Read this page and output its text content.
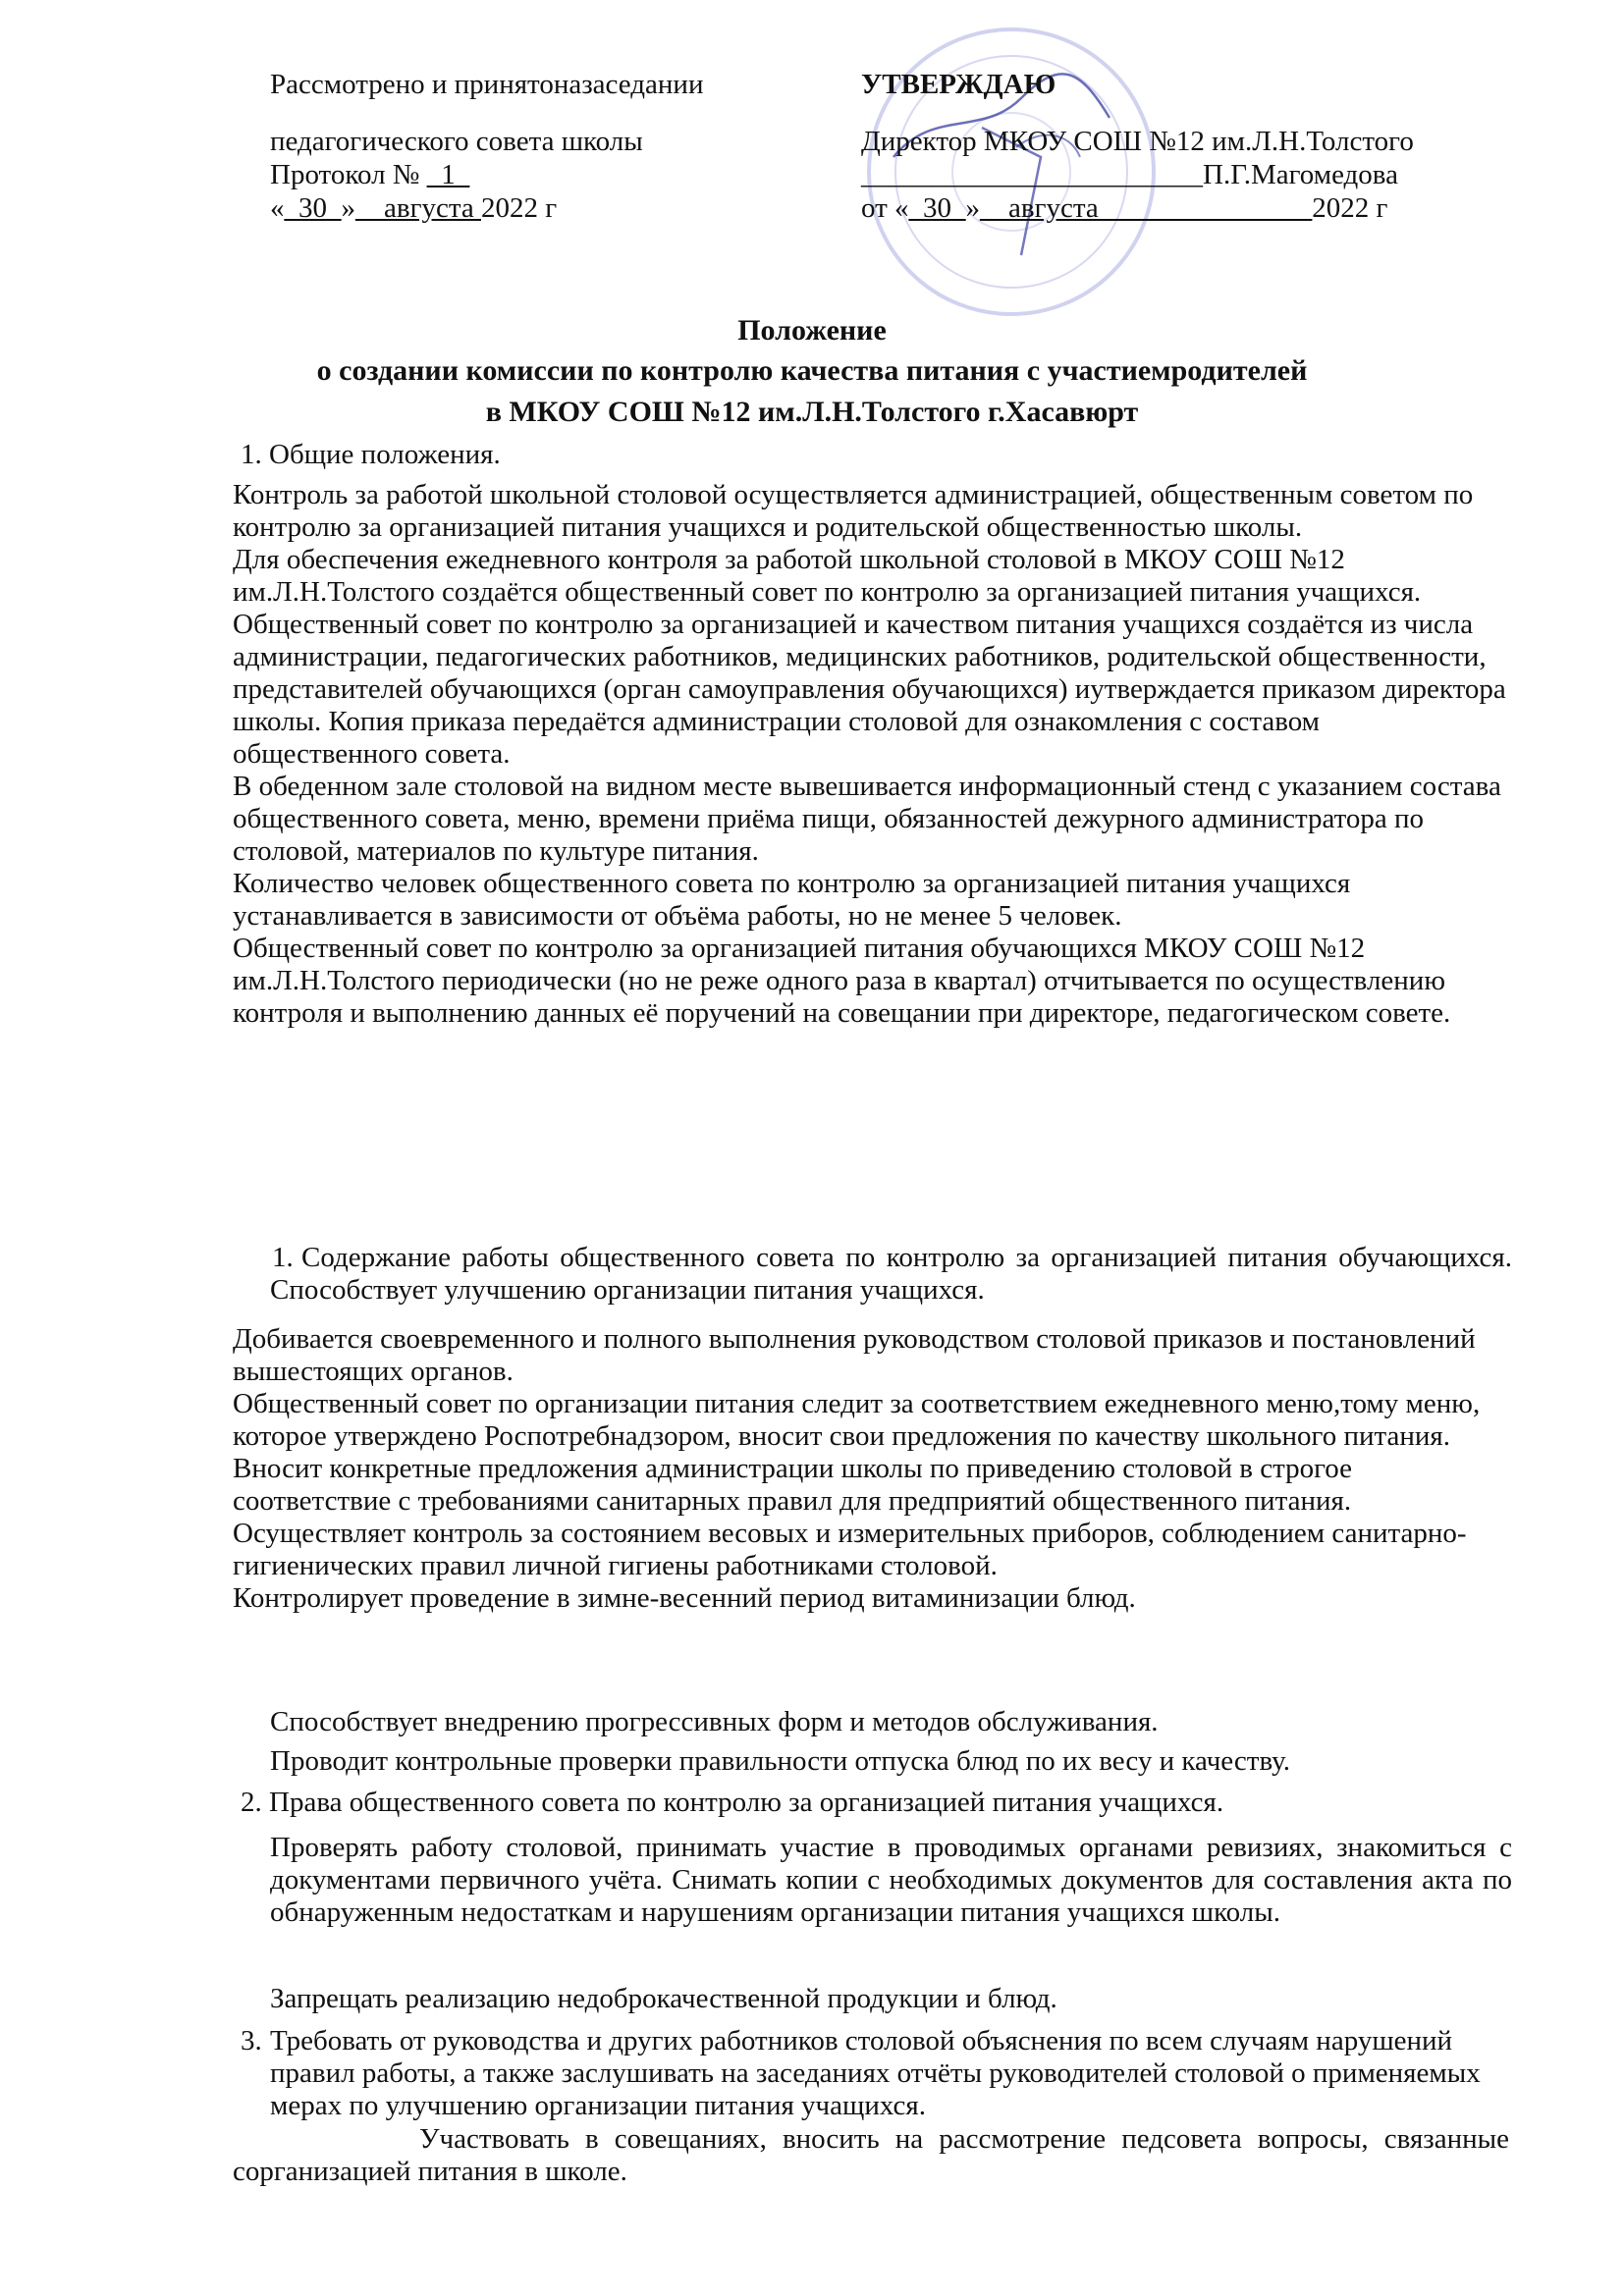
Рассмотрено и принятоназаседании
педагогического совета школы
Протокол № _1_
«_30_»__августа 2022 г
УТВЕРЖДАЮ
Директор МКОУ СОШ №12 им.Л.Н.Толстого
________________________П.Г.Магомедова
от «_30_»__августа_______________2022 г
Положение
о создании комиссии по контролю качества питания с участиемродителей
в МКОУ СОШ №12 им.Л.Н.Толстого г.Хасавюрт
1. Общие положения.

Контроль за работой школьной столовой осуществляется администрацией, общественным советом по контролю за организацией питания учащихся и родительской общественностью школы.

Для обеспечения ежедневного контроля за работой школьной столовой в МКОУ СОШ №12 им.Л.Н.Толстого создаётся общественный совет по контролю за организацией питания учащихся.

Общественный совет по контролю за организацией и качеством питания учащихся создаётся из числа администрации, педагогических работников, медицинских работников, родительской общественности, представителей обучающихся (орган самоуправления обучающихся) иутверждается приказом директора школы. Копия приказа передаётся администрации столовой для ознакомления с составом общественного совета.

В обеденном зале столовой на видном месте вывешивается информационный стенд с указанием состава общественного совета, меню, времени приёма пищи, обязанностей дежурного администратора по столовой, материалов по культуре питания.

Количество человек общественного совета по контролю за организацией питания учащихся устанавливается в зависимости от объёма работы, но не менее 5 человек.

Общественный совет по контролю за организацией питания обучающихся МКОУ СОШ №12 им.Л.Н.Толстого периодически (но не реже одного раза в квартал) отчитывается по осуществлению контроля и выполнению данных её поручений на совещании при директоре, педагогическом совете.

1. Содержание работы общественного совета по контролю за организацией питания обучающихся. Способствует улучшению организации питания учащихся.

Добивается своевременного и полного выполнения руководством столовой приказов и постановлений вышестоящих органов.

Общественный совет по организации питания следит за соответствием ежедневного меню,тому меню, которое утверждено Роспотребнадзором, вносит свои предложения по качеству школьного питания.

Вносит конкретные предложения администрации школы по приведению столовой в строгое соответствие с требованиями санитарных правил для предприятий общественного питания. Осуществляет контроль за состоянием весовых и измерительных приборов, соблюдением санитарно-гигиенических правил личной гигиены работниками столовой.

Контролирует проведение в зимне-весенний период витаминизации блюд.

Способствует внедрению прогрессивных форм и методов обслуживания.
Проводит контрольные проверки правильности отпуска блюд по их весу и качеству.
2. Права общественного совета по контролю за организацией питания учащихся.
Проверять работу столовой, принимать участие в проводимых органами ревизиях, знакомиться с документами первичного учёта. Снимать копии с необходимых документов для составления акта по обнаруженным недостаткам и нарушениям организации питания учащихся школы.
Запрещать реализацию недоброкачественной продукции и блюд.
3. Требовать от руководства и других работников столовой объяснения по всем случаям нарушений правил работы, а также заслушивать на заседаниях отчёты руководителей столовой о применяемых мерах по улучшению организации питания учащихся.
Участвовать в совещаниях, вносить на рассмотрение педсовета вопросы, связанные сорганизацией питания в школе.
